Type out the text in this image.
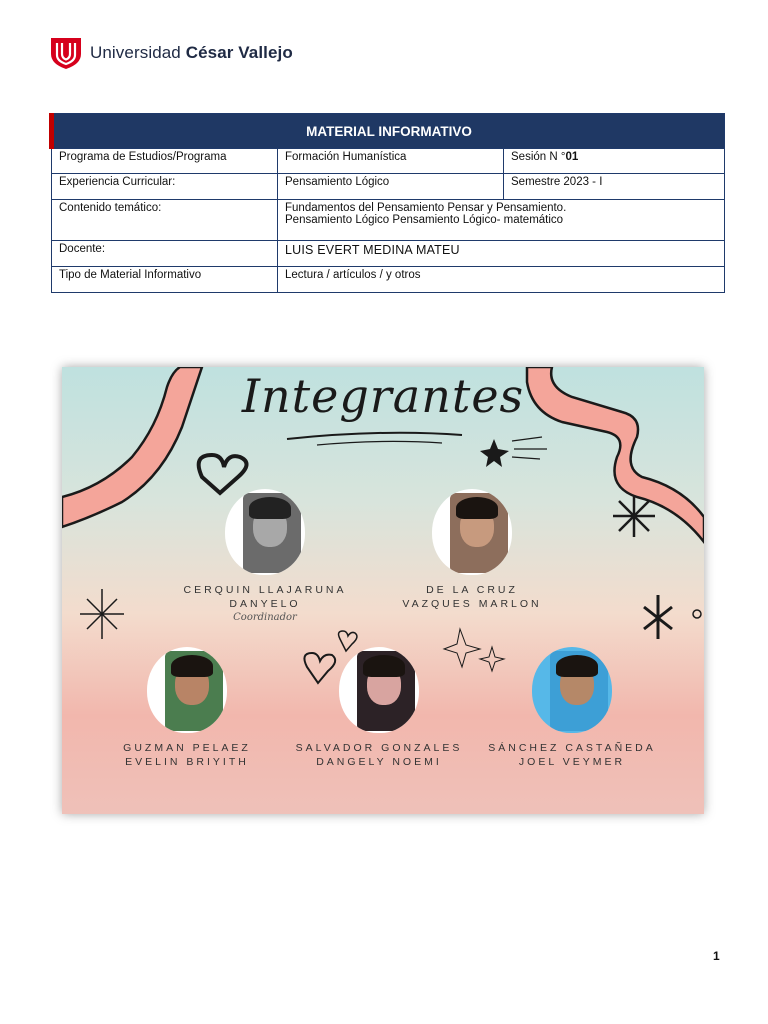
Universidad César Vallejo
MATERIAL INFORMATIVO		
Programa de Estudios/Programa	Formación Humanística	Sesión N °01
Experiencia Curricular:	Pensamiento Lógico	Semestre 2023 - I
Contenido temático:	Fundamentos del Pensamiento Pensar y Pensamiento.
Pensamiento Lógico Pensamiento Lógico- matemático	

Docente:	LUIS EVERT MEDINA MATEU	
Tipo de Material Informativo	Lectura / artículos / y otros	
Integrantes
CERQUIN LLAJARUNA
DANYELO
Coordinador
DE LA CRUZ
VAZQUES MARLON
GUZMAN PELAEZ
EVELIN BRIYITH
SALVADOR GONZALES
DANGELY NOEMI
SÁNCHEZ CASTAÑEDA
JOEL VEYMER
1
